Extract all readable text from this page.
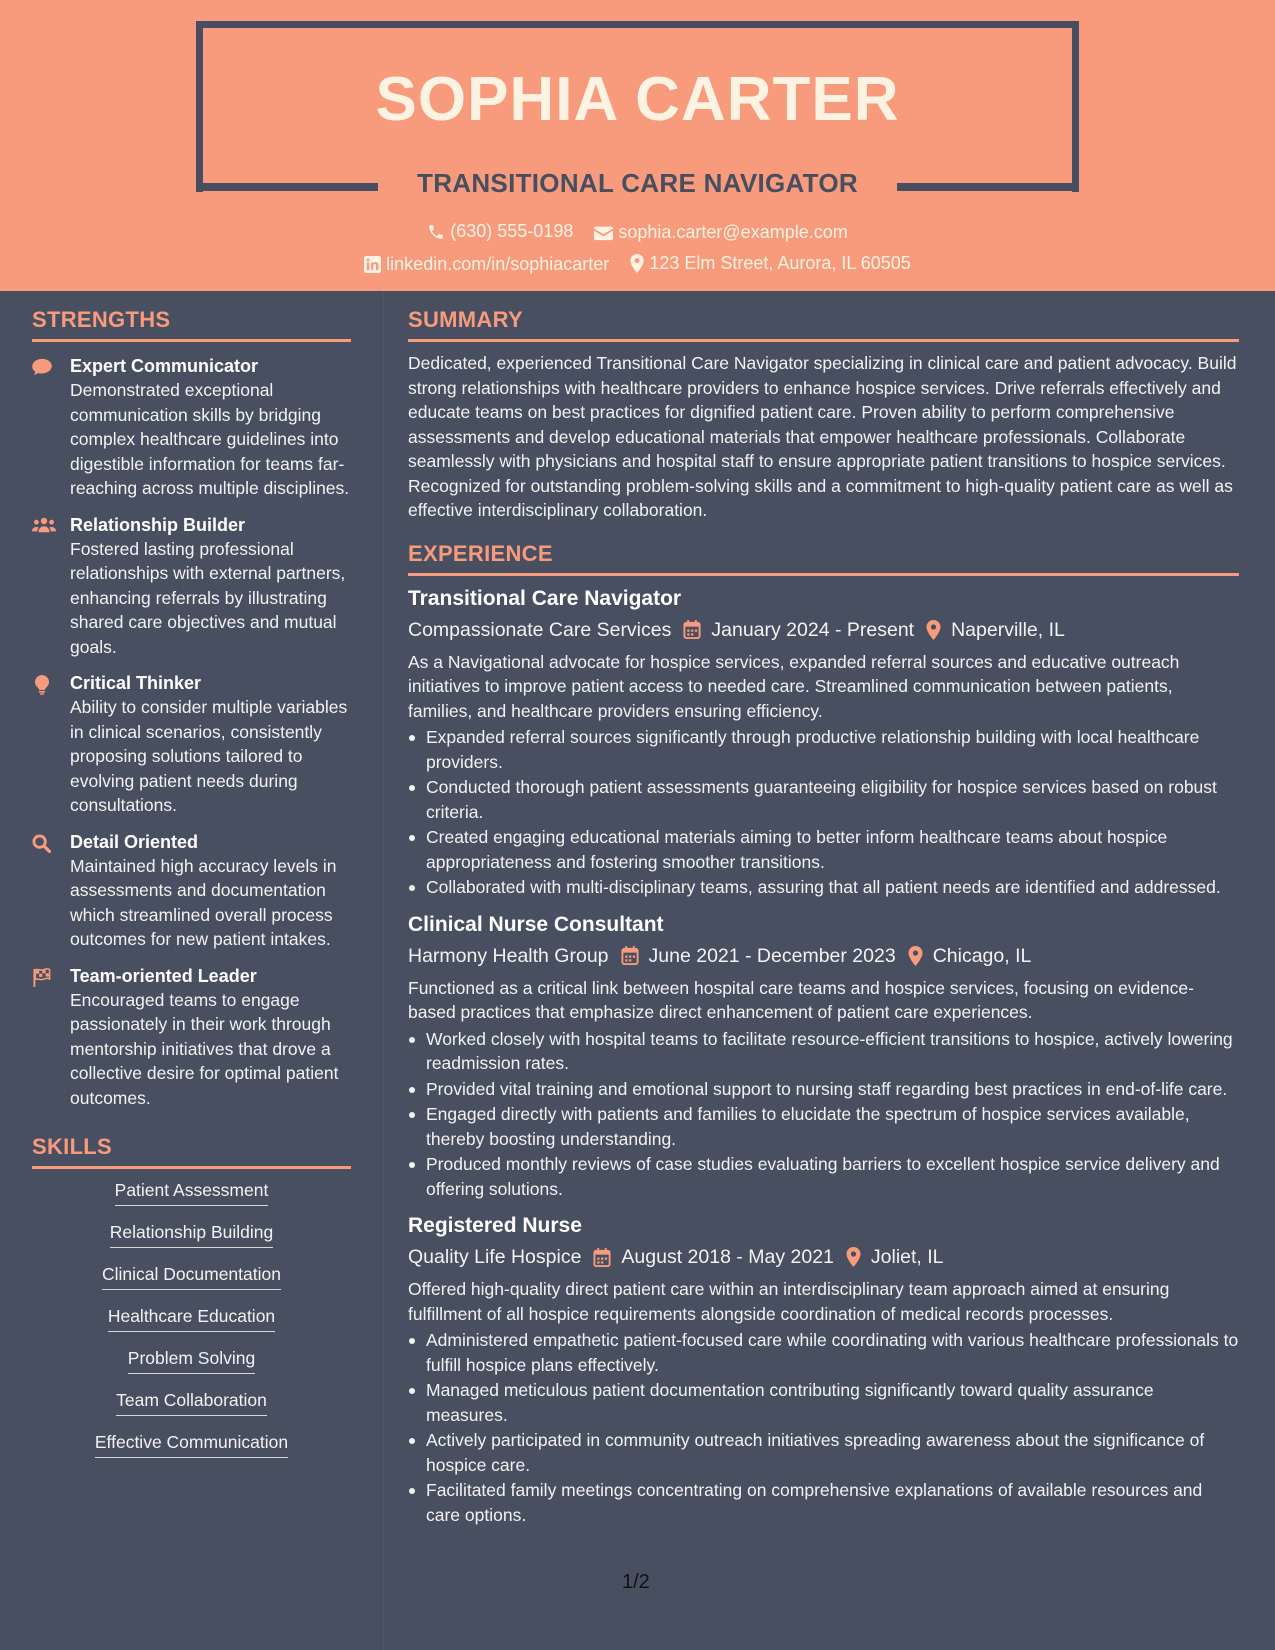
SOPHIA CARTER
TRANSITIONAL CARE NAVIGATOR
(630) 555-0198
	sophia.carter@example.com
linkedin.com/in/sophiacarter
123 Elm Street, Aurora, IL 60505
STRENGTHS
Expert Communicator
Demonstrated exceptional communication skills by bridging complex healthcare guidelines into digestible information for teams far-reaching across multiple disciplines.
Relationship Builder
Fostered lasting professional relationships with external partners, enhancing referrals by illustrating shared care objectives and mutual goals.
Critical Thinker
Ability to consider multiple variables in clinical scenarios, consistently proposing solutions tailored to evolving patient needs during consultations.
Detail Oriented
Maintained high accuracy levels in assessments and documentation which streamlined overall process outcomes for new patient intakes.
Team-oriented Leader
Encouraged teams to engage passionately in their work through mentorship initiatives that drove a collective desire for optimal patient outcomes.
SKILLS
Patient Assessment
Relationship Building
Clinical Documentation
Healthcare Education
Problem Solving
Team Collaboration
Effective Communication
SUMMARY
Dedicated, experienced Transitional Care Navigator specializing in clinical care and patient advocacy. Build strong relationships with healthcare providers to enhance hospice services. Drive referrals effectively and educate teams on best practices for dignified patient care. Proven ability to perform comprehensive assessments and develop educational materials that empower healthcare professionals. Collaborate seamlessly with physicians and hospital staff to ensure appropriate patient transitions to hospice services. Recognized for outstanding problem-solving skills and a commitment to high-quality patient care as well as effective interdisciplinary collaboration.
EXPERIENCE
Transitional Care Navigator
Compassionate Care Services January 2024 - Present Naperville, IL
As a Navigational advocate for hospice services, expanded referral sources and educative outreach initiatives to improve patient access to needed care. Streamlined communication between patients, families, and healthcare providers ensuring efficiency.
Expanded referral sources significantly through productive relationship building with local healthcare providers.
Conducted thorough patient assessments guaranteeing eligibility for hospice services based on robust criteria.
Created engaging educational materials aiming to better inform healthcare teams about hospice appropriateness and fostering smoother transitions.
Collaborated with multi-disciplinary teams, assuring that all patient needs are identified and addressed.
Clinical Nurse Consultant
Harmony Health Group June 2021 - December 2023 Chicago, IL
Functioned as a critical link between hospital care teams and hospice services, focusing on evidence-based practices that emphasize direct enhancement of patient care experiences.
Worked closely with hospital teams to facilitate resource-efficient transitions to hospice, actively lowering readmission rates.
Provided vital training and emotional support to nursing staff regarding best practices in end-of-life care.
Engaged directly with patients and families to elucidate the spectrum of hospice services available, thereby boosting understanding.
Produced monthly reviews of case studies evaluating barriers to excellent hospice service delivery and offering solutions.
Registered Nurse
Quality Life Hospice August 2018 - May 2021 Joliet, IL
Offered high-quality direct patient care within an interdisciplinary team approach aimed at ensuring fulfillment of all hospice requirements alongside coordination of medical records processes.
Administered empathetic patient-focused care while coordinating with various healthcare professionals to fulfill hospice plans effectively.
Managed meticulous patient documentation contributing significantly toward quality assurance measures.
Actively participated in community outreach initiatives spreading awareness about the significance of hospice care.
Facilitated family meetings concentrating on comprehensive explanations of available resources and care options.
1/2
